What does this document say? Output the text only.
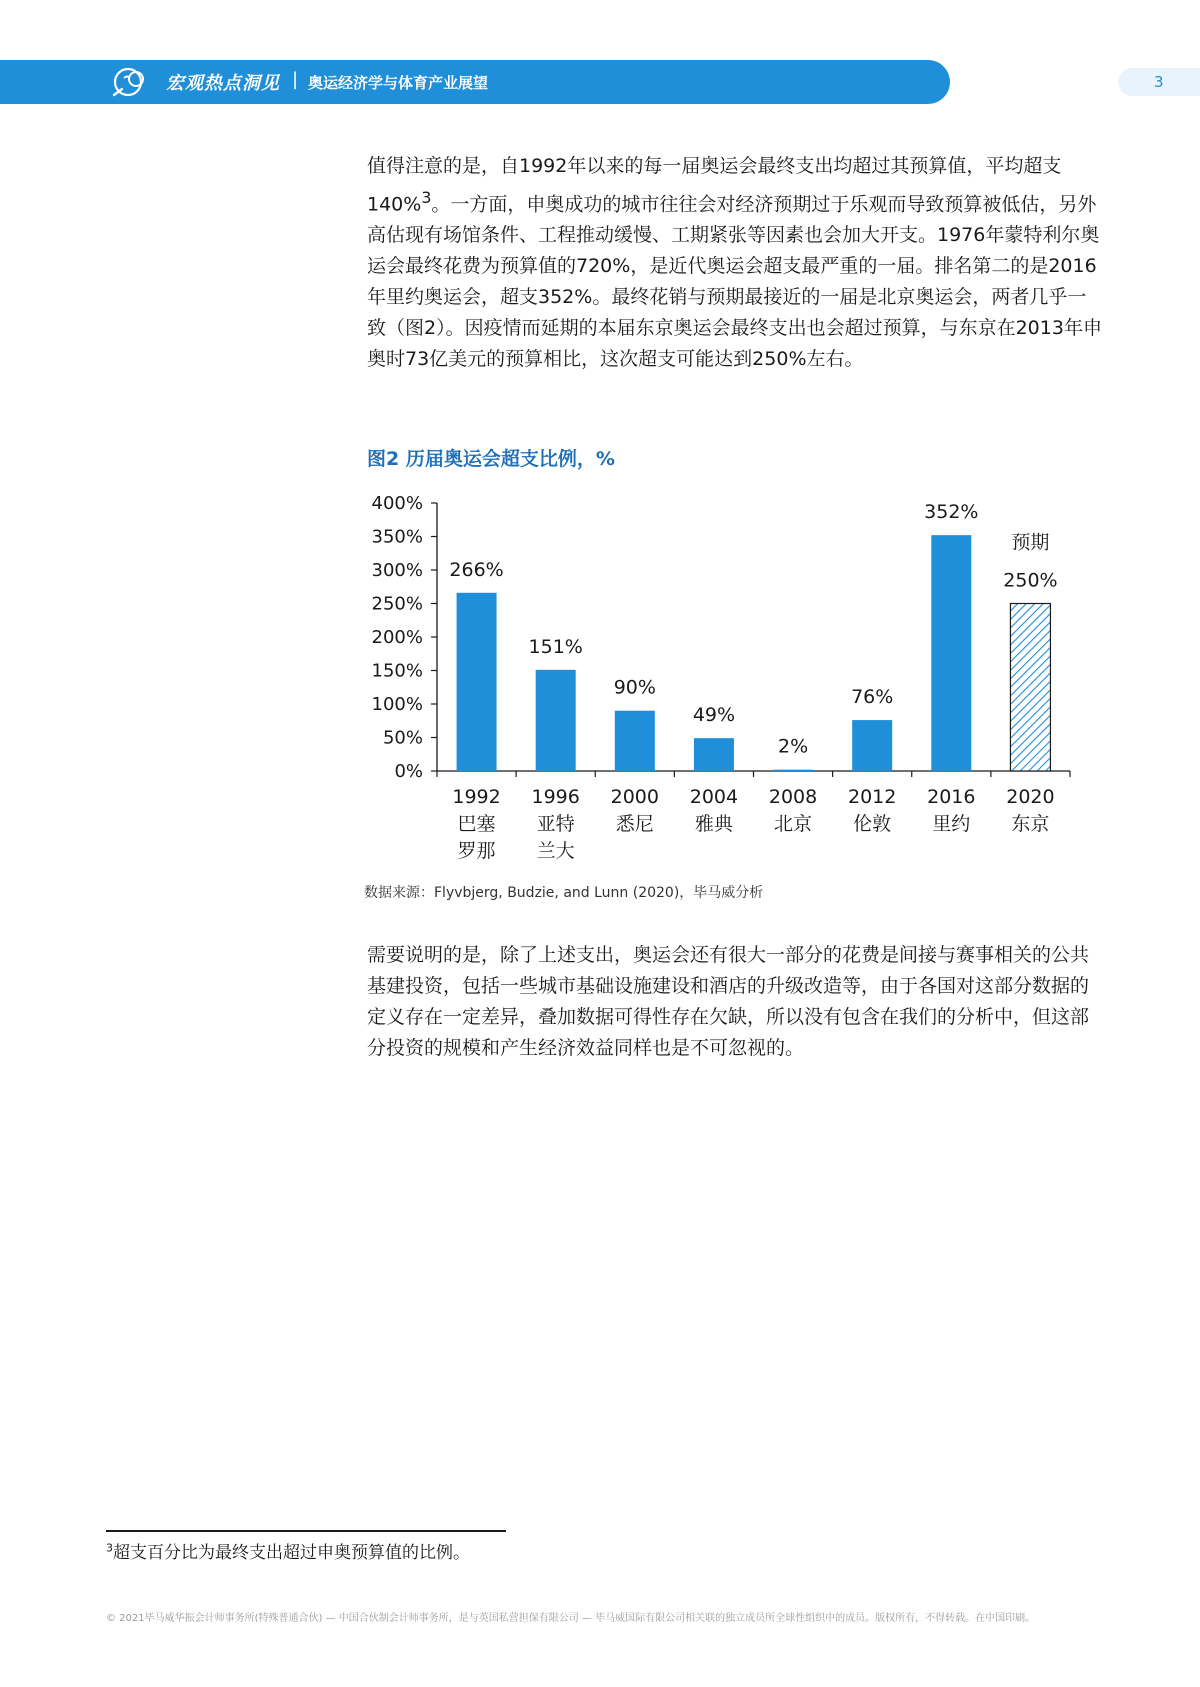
宏观热点洞见 | 奥运经济学与体育产业展望	3

值得注意的是，自1992年以来的每一届奥运会最终支出均超过其预算值，平均超支140%$^3$。一方面，申奥成功的城市往往会对经济预期过于乐观而导致预算被低估，另外高估现有场馆条件、工程推动缓慢、工期紧张等因素也会加大开支。1976年蒙特利尔奥运会最终花费为预算值的720%，是近代奥运会超支最严重的一届。排名第二的是2016年里约奥运会，超支352%。最终花销与预期最接近的一届是北京奥运会，两者几乎一致（图2）。因疫情而延期的本届东京奥运会最终支出也会超过预算，与东京在2013年申奥时73亿美元的预算相比，这次超支可能达到250%左右。

图2 历届奥运会超支比例，%
0%
50%
100%
150%
200%
250%
300%
350%
400%
266%
1992
巴塞
罗那
151%
1996
亚特
兰大
90%
2000
悉尼
49%
2004
雅典
2%
2008
北京
76%
2012
伦敦
352%
2016
里约
250%
预期
2020
东京
数据来源：Flyvbjerg, Budzie, and Lunn (2020)，毕马威分析

需要说明的是，除了上述支出，奥运会还有很大一部分的花费是间接与赛事相关的公共基建投资，包括一些城市基础设施建设和酒店的升级改造等，由于各国对这部分数据的定义存在一定差异，叠加数据可得性存在欠缺，所以没有包含在我们的分析中，但这部分投资的规模和产生经济效益同样也是不可忽视的。

$^3$超支百分比为最终支出超过申奥预算值的比例。
© 2021毕马威华振会计师事务所(特殊普通合伙) — 中国合伙制会计师事务所，是与英国私营担保有限公司 — 毕马威国际有限公司相关联的独立成员所全球性组织中的成员。版权所有，不得转载。在中国印刷。
